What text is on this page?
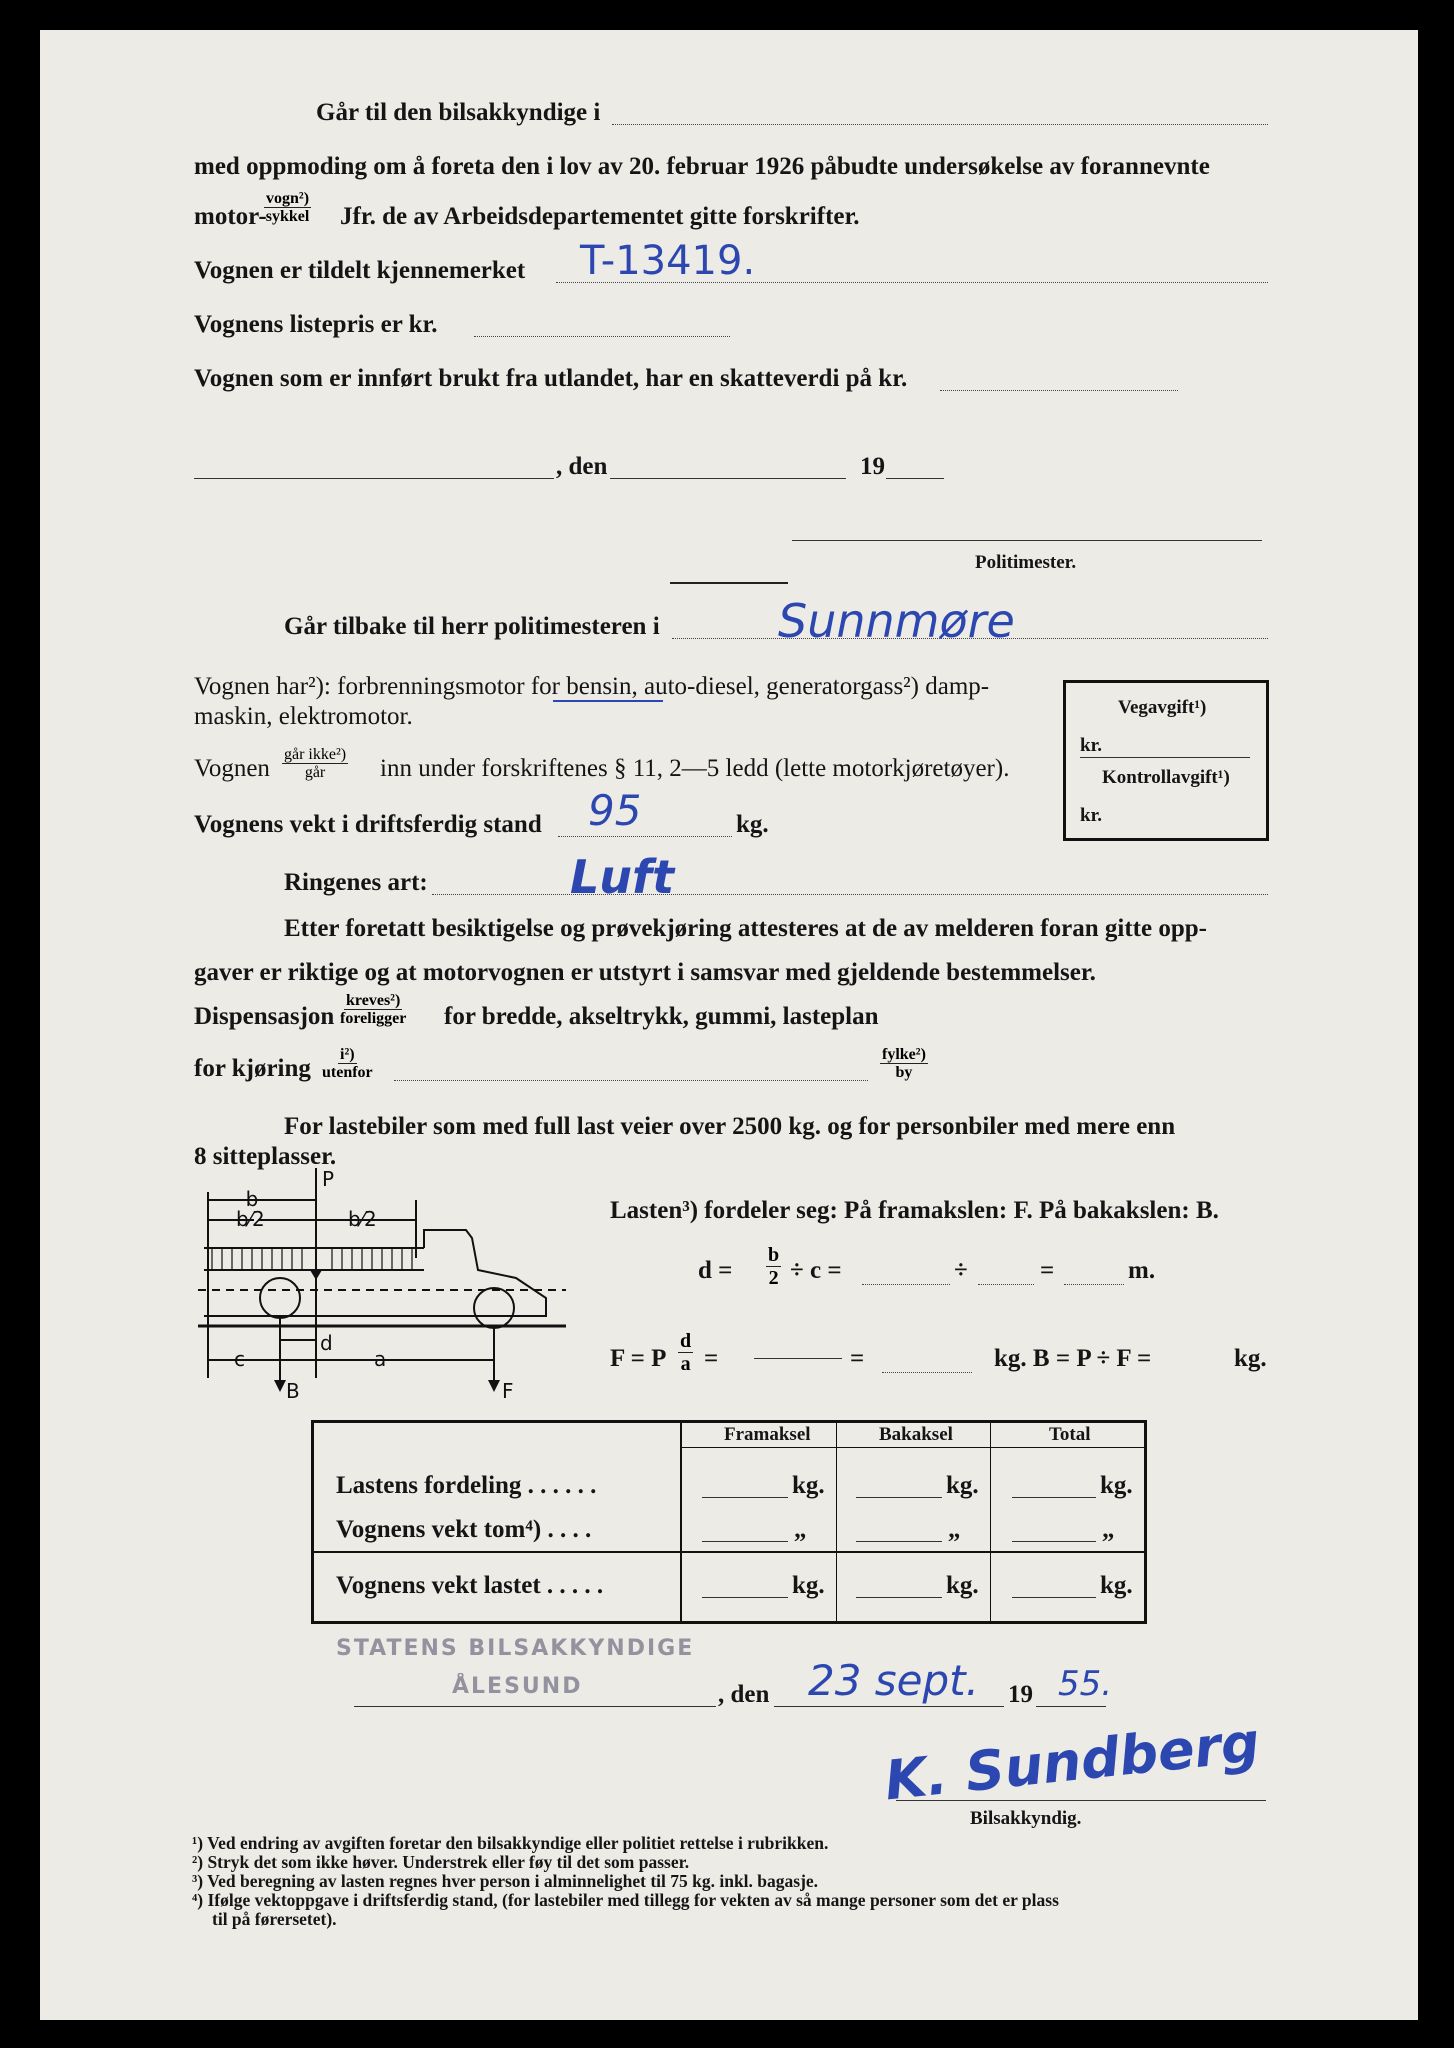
Går til den bilsakkyndige i
med oppmoding om å foreta den i lov av 20. februar 1926 påbudte undersøkelse av forannevnte
motor-
vogn²)
sykkel Jfr. de av Arbeidsdepartementet gitte forskrifter.
Vognen er tildelt kjennemerket T-13419.
Vognens listepris er kr.
Vognen som er innført brukt fra utlandet, har en skatteverdi på kr.
, den	19
Politimester.
Går tilbake til herr politimesteren i	Sunnmøre
Vognen har²): forbrenningsmotor for bensin, auto-diesel, generatorgass²) damp-
maskin, elektromotor.	Vegavgift¹)
kr.
Kontrollavgift¹)
kr.
Vognen
går ikke²)
går inn under forskriftenes § 11, 2—5 ledd (lette motorkjøretøyer).
Vognens vekt i driftsferdig stand 95	kg.
Ringenes art:	Luft
Etter foretatt besiktigelse og prøvekjøring attesteres at de av melderen foran gitte opp-
gaver er riktige og at motorvognen er utstyrt i samsvar med gjeldende bestemmelser.
Dispensasjon
kreves²)
foreligger for bredde, akseltrykk, gummi, lasteplan
for kjøring
i²)
utenfor
fylke²)
by
For lastebiler som med full last veier over 2500 kg. og for personbiler med mere enn
8 sitteplasser.
P
b
b⁄2	b⁄2
c	a
d
B	F
Lasten³) fordeler seg: På framakslen: F. På bakakslen: B.
$d = \frac{b}{2} \div c$ =	÷	=	m.
F = P $\frac{d}{a}$ =	=	kg. B = P ÷ F =	kg.
Framaksel	Bakaksel	Total
Lastens fordeling . . . . . .	kg.	kg.	kg.
Vognens vekt tom⁴) . . . .	„	„	„
Vognens vekt lastet . . . . .	kg.	kg.	kg.
STATENS BILSAKKYNDIGE
ÅLESUND	, den 23 sept. 19 55.
K. Sundberg
Bilsakkyndig.
¹) Ved endring av avgiften foretar den bilsakkyndige eller politiet rettelse i rubrikken.
²) Stryk det som ikke høver. Understrek eller føy til det som passer.
³) Ved beregning av lasten regnes hver person i alminnelighet til 75 kg. inkl. bagasje.
⁴) Ifølge vektoppgave i driftsferdig stand, (for lastebiler med tillegg for vekten av så mange personer som det er plass
til på førersetet).
